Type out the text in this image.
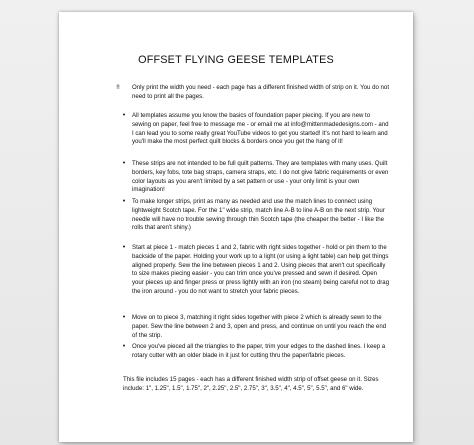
OFFSET FLYING GEESE TEMPLATES
!!	Only print the width you need - each page has a different finished width of strip on it. You do not need to print all the pages.
•	All templates assume you know the basics of foundation paper piecing. If you are new to sewing on paper, feel free to message me - or email me at info@mittenmadedesigns.com - and I can lead you to some really great YouTube videos to get you started! It's not hard to learn and you'll make the most perfect quilt blocks & borders once you get the hang of it!
•	These strips are not intended to be full quilt patterns. They are templates with many uses. Quilt borders, key fobs, tote bag straps, camera straps, etc. I do not give fabric requirements or even color layouts as you aren't limited by a set pattern or use - your only limit is your own imagination!
•	To make longer strips, print as many as needed and use the match lines to connect using lightweight Scotch tape. For the 1" wide strip, match line A-B to line A-B on the next strip. Your needle will have no trouble sewing through thin Scotch tape (the cheaper the better - I like the rolls that aren't shiny.)
•	Start at piece 1 - match pieces 1 and 2, fabric with right sides together - hold or pin them to the backside of the paper. Holding your work up to a light (or using a light table) can help get things aligned properly. Sew the line between pieces 1 and 2. Using pieces that aren't cut specifically to size makes piecing easier - you can trim once you've pressed and sewn if desired. Open your pieces up and finger press or press lightly with an iron (no steam) being careful not to drag the iron around - you do not want to stretch your fabric pieces.
•	Move on to piece 3, matching it right sides together with piece 2 which is already sewn to the paper. Sew the line between 2 and 3, open and press, and continue on until you reach the end of the strip.
•	Once you've pieced all the triangles to the paper, trim your edges to the dashed lines. I keep a rotary cutter with an older blade in it just for cutting thru the paper/fabric pieces.
This file includes 15 pages - each has a different finished width strip of offset geese on it. Sizes include: 1", 1.25", 1.5", 1.75", 2", 2.25", 2.5", 2.75", 3", 3.5", 4", 4.5", 5", 5.5", and 6" wide.
